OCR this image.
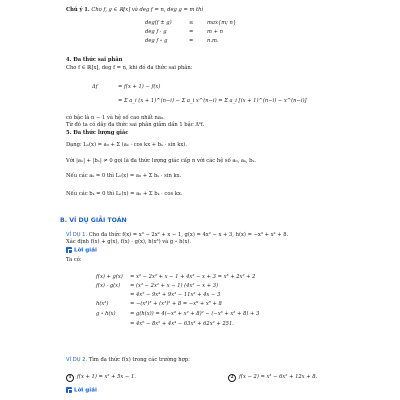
Chú ý 1. Cho f, g ∈ ℝ[x] và deg f = n, deg g = m thì
deg(f ± g)	≤	max{m; n}
deg f · g	=	m + n
deg f ∘ g	=	n.m.
4. Đa thức sai phân
Cho f ∈ ℝ[x], deg f = n, khi đó đa thức sai phân:
Δf	= f(x + 1) − f(x)
= Σ a_i (x + 1)^(n−i) − Σ a_i x^(n−i) = Σ a_i [(x + 1)^(n−i) − x^(n−i)]
có bậc là n − 1 và hệ số cao nhất na₀.
Từ đó ta có dãy đa thức sai phân giảm dần 1 bậc Δᵏf.
5. Đa thức lượng giác
Dạng: Lₙ(x) = a₀ + Σ (aₖ · cos kx + bₖ · sin kx).
Với |aₙ| + |bₙ| ≠ 0 gọi là đa thức lượng giác cấp n với các hệ số a₀, aₖ, bₖ.
Nếu các aₖ = 0 thì Lₙ(x) = a₀ + Σ bₖ · sin kx.
Nếu các bₖ = 0 thì Lₙ(x) = a₀ + Σ bₖ · cos kx.
B. VÍ DỤ GIẢI TOÁN
VÍ DỤ 1. Cho đa thức f(x) = x³ − 2x² + x − 1, g(x) = 4x² − x + 3, h(x) = −x³ + x² + 8.
Xác định f(x) + g(x), f(x) · g(x), h(x³) và g ∘ h(x).
Lời giải
Ta có:
f(x) + g(x) = x³ − 2x² + x − 1 + 4x² − x + 3 = x³ + 2x² + 2
f(x) · g(x) = (x³ − 2x² + x − 1) (4x² − x + 3)
= 4x⁵ − 9x⁴ + 9x³ − 11x² + 4x − 3
h(x³)	= −(x³)³ + (x³)² + 8 = −x⁹ + x⁶ + 8
g ∘ h(x)	= g(h(x)) = 4(−x³ + x² + 8)² − (−x³ + x² + 8) + 3
= 4x⁶ − 8x⁵ + 4x⁴ − 63x³ + 62x² + 251.
VÍ DỤ 2. Tìm đa thức f(x) trong các trường hợp:
1 f(x + 1) = x² + 5x − 1.	2 f(x − 2) = x³ − 6x² + 12x + 8.
Lời giải
